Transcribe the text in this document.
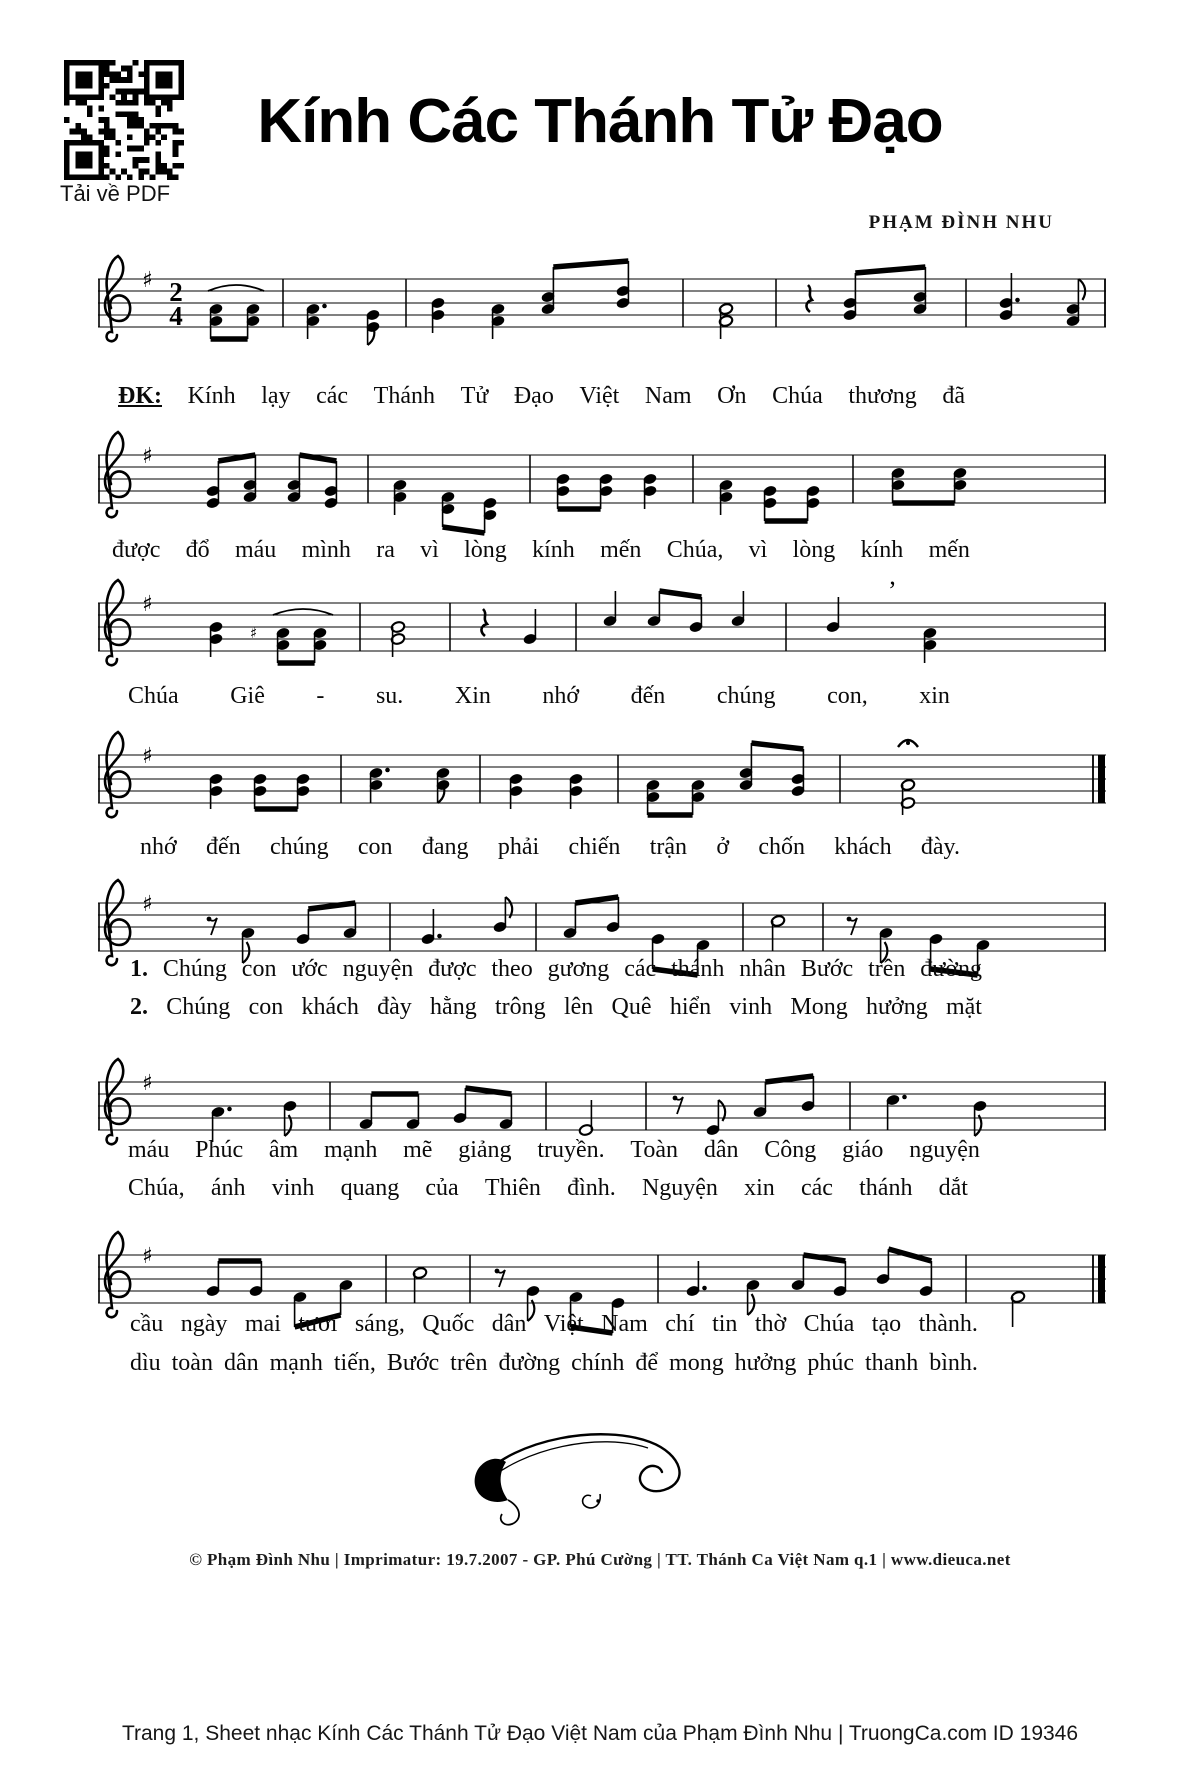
Tải về PDF
Kính Các Thánh Tử Đạo
PHẠM ĐÌNH NHU
♯ 2
4
ĐK: Kính lạy các Thánh Tử Đạo Việt Nam Ơn Chúa thương đã
♯
được đổ máu mình ra vì lòng kính mến Chúa, vì lòng kính mến
♯
♯
’
Chúa Giê - su. Xin nhớ đến chúng con, xin
♯
nhớ đến chúng con đang phải chiến trận ở chốn khách đày.
♯
1. Chúng con ước nguyện được theo gương các thánh nhân Bước trên đường
2. Chúng con khách đày hằng trông lên Quê hiển vinh Mong hưởng mặt
♯
máu Phúc âm mạnh mẽ giảng truyền. Toàn dân Công giáo nguyện
Chúa, ánh vinh quang của Thiên đình. Nguyện xin các thánh dắt
♯
cầu ngày mai tươi sáng, Quốc dân Việt Nam chí tin thờ Chúa tạo thành.
dìu toàn dân mạnh tiến, Bước trên đường chính để mong hưởng phúc thanh bình.
© Phạm Đình Nhu | Imprimatur: 19.7.2007 - GP. Phú Cường | TT. Thánh Ca Việt Nam q.1 | www.dieuca.net
Trang 1, Sheet nhạc Kính Các Thánh Tử Đạo Việt Nam của Phạm Đình Nhu | TruongCa.com ID 19346
